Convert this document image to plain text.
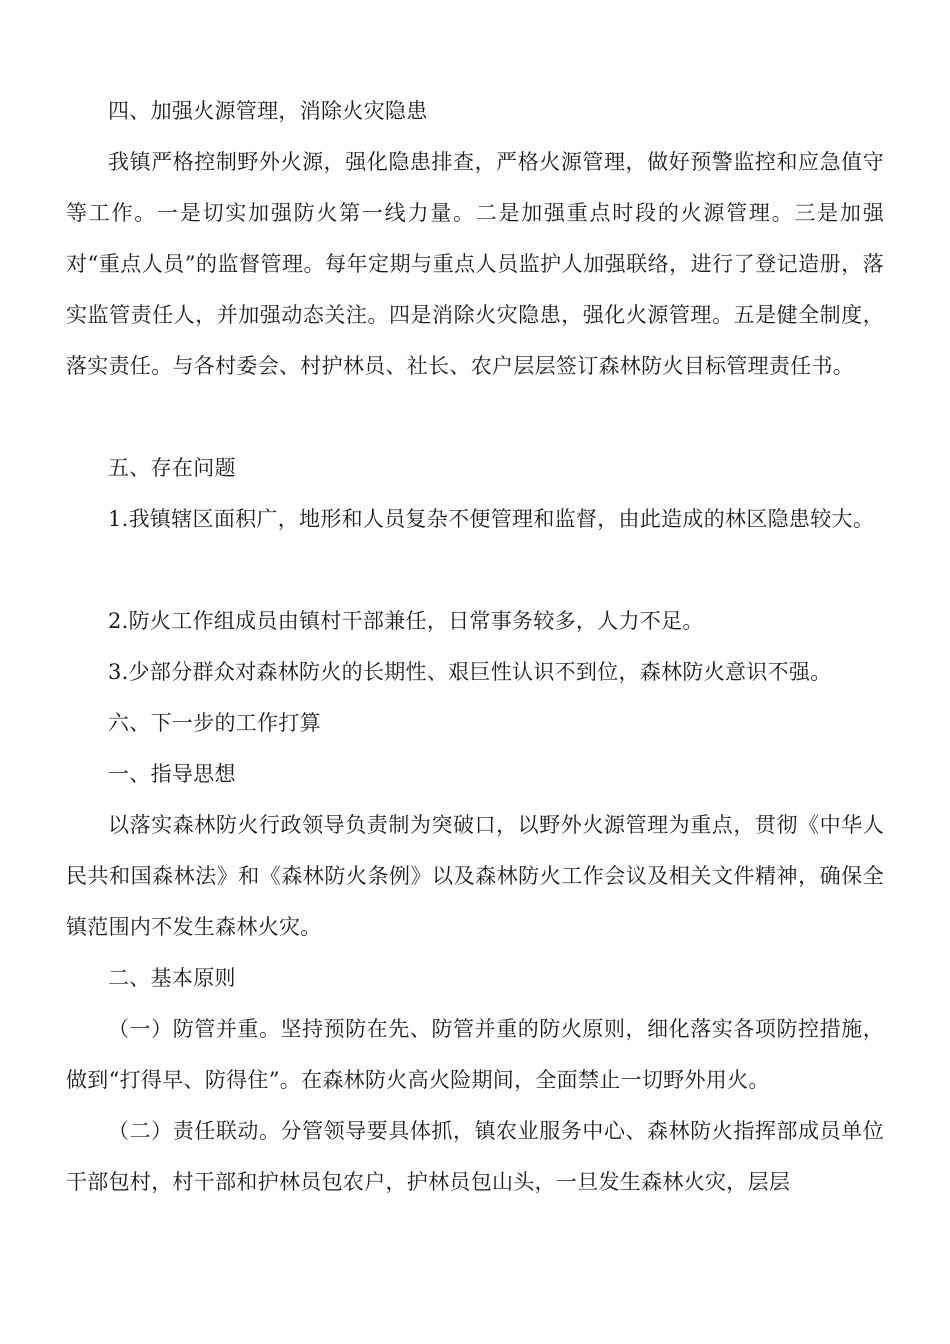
四、加强火源管理，消除火灾隐患

我镇严格控制野外火源，强化隐患排查，严格火源管理，做好预警监控和应急值守等工作。一是切实加强防火第一线力量。二是加强重点时段的火源管理。三是加强对“重点人员”的监督管理。每年定期与重点人员监护人加强联络，进行了登记造册，落实监管责任人，并加强动态关注。四是消除火灾隐患，强化火源管理。五是健全制度，落实责任。与各村委会、村护林员、社长、农户层层签订森林防火目标管理责任书。

五、存在问题

1.我镇辖区面积广，地形和人员复杂不便管理和监督，由此造成的林区隐患较大。

2.防火工作组成员由镇村干部兼任，日常事务较多，人力不足。

3.少部分群众对森林防火的长期性、艰巨性认识不到位，森林防火意识不强。

六、下一步的工作打算

一、指导思想

以落实森林防火行政领导负责制为突破口，以野外火源管理为重点，贯彻《中华人民共和国森林法》和《森林防火条例》以及森林防火工作会议及相关文件精神，确保全镇范围内不发生森林火灾。

二、基本原则

（一）防管并重。坚持预防在先、防管并重的防火原则，细化落实各项防控措施，做到“打得早、防得住”。在森林防火高火险期间，全面禁止一切野外用火。

（二）责任联动。分管领导要具体抓，镇农业服务中心、森林防火指挥部成员单位干部包村，村干部和护林员包农户，护林员包山头，一旦发生森林火灾，层层
